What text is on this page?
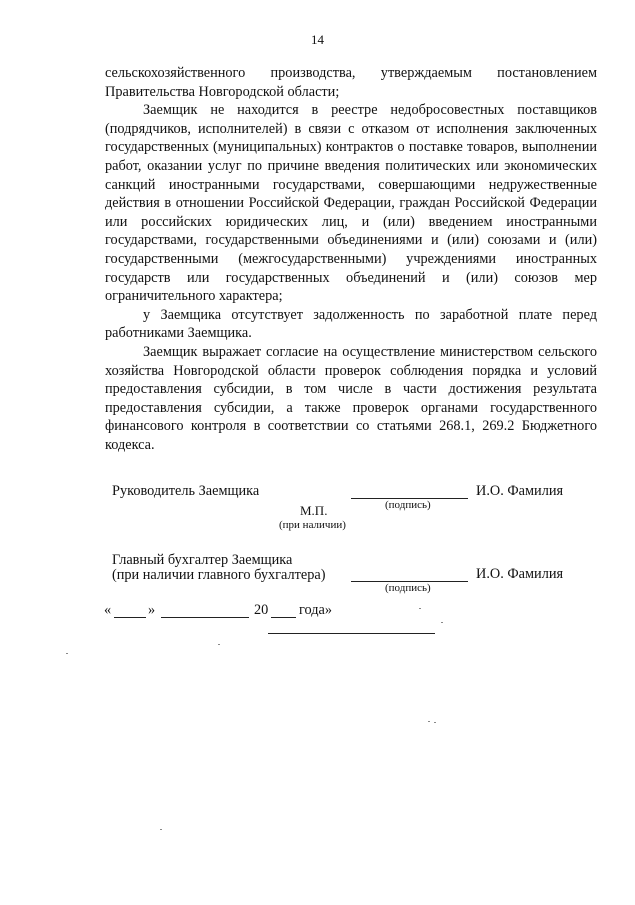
14

сельскохозяйственного производства, утверждаемым постановлением Правительства Новгородской области;

Заемщик не находится в реестре недобросовестных поставщиков (подрядчиков, исполнителей) в связи с отказом от исполнения заключенных государственных (муниципальных) контрактов о поставке товаров, выполнении работ, оказании услуг по причине введения политических или экономических санкций иностранными государствами, совершающими недружественные действия в отношении Российской Федерации, граждан Российской Федерации или российских юридических лиц, и (или) введением иностранными государствами, государственными объединениями и (или) союзами и (или) государственными (межгосударственными) учреждениями иностранных государств или государственных объединений и (или) союзов мер ограничительного характера;

у Заемщика отсутствует задолженность по заработной плате перед работниками Заемщика.

Заемщик выражает согласие на осуществление министерством сельского хозяйства Новгородской области проверок соблюдения порядка и условий предоставления субсидии, в том числе в части достижения результата предоставления субсидии, а также проверок органами государственного финансового контроля в соответствии со статьями 268.1, 269.2 Бюджетного кодекса.

Руководитель Заемщика	И.О. Фамилия
(подпись)
М.П.
(при наличии)
Главный бухгалтер Заемщика
(при наличии главного бухгалтера)	И.О. Фамилия
(подпись)
«	»	20 года»
